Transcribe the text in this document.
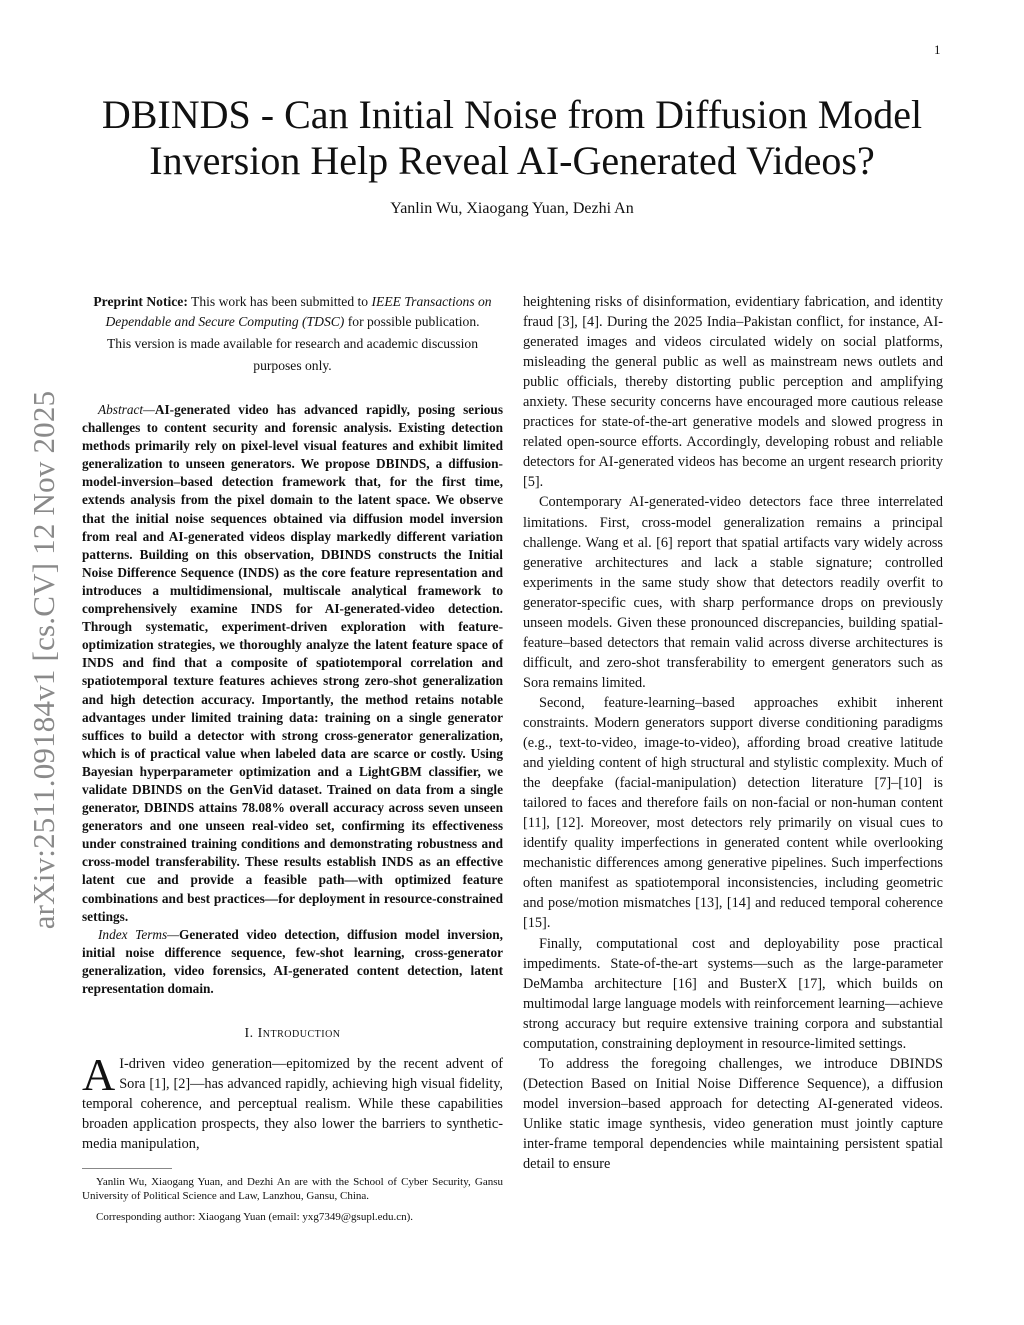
1
arXiv:2511.09184v1 [cs.CV] 12 Nov 2025
DBINDS - Can Initial Noise from Diffusion Model Inversion Help Reveal AI-Generated Videos?
Yanlin Wu, Xiaogang Yuan, Dezhi An
Preprint Notice: This work has been submitted to IEEE Transactions on Dependable and Secure Computing (TDSC) for possible publication.
This version is made available for research and academic discussion purposes only.

Abstract—AI-generated video has advanced rapidly, posing serious challenges to content security and forensic analysis. Existing detection methods primarily rely on pixel-level visual features and exhibit limited generalization to unseen generators. We propose DBINDS, a diffusion-model-inversion–based detection framework that, for the first time, extends analysis from the pixel domain to the latent space. We observe that the initial noise sequences obtained via diffusion model inversion from real and AI-generated videos display markedly different variation patterns. Building on this observation, DBINDS constructs the Initial Noise Difference Sequence (INDS) as the core feature representation and introduces a multidimensional, multiscale analytical framework to comprehensively examine INDS for AI-generated-video detection. Through systematic, experiment-driven exploration with feature-optimization strategies, we thoroughly analyze the latent feature space of INDS and find that a composite of spatiotemporal correlation and spatiotemporal texture features achieves strong zero-shot generalization and high detection accuracy. Importantly, the method retains notable advantages under limited training data: training on a single generator suffices to build a detector with strong cross-generator generalization, which is of practical value when labeled data are scarce or costly. Using Bayesian hyperparameter optimization and a LightGBM classifier, we validate DBINDS on the GenVid dataset. Trained on data from a single generator, DBINDS attains 78.08% overall accuracy across seven unseen generators and one unseen real-video set, confirming its effectiveness under constrained training conditions and demonstrating robustness and cross-model transferability. These results establish INDS as an effective latent cue and provide a feasible path—with optimized feature combinations and best practices—for deployment in resource-constrained settings.

Index Terms—Generated video detection, diffusion model inversion, initial noise difference sequence, few-shot learning, cross-generator generalization, video forensics, AI-generated content detection, latent representation domain.

I. Introduction

A I-driven video generation—epitomized by the recent advent of Sora [1], [2]—has advanced rapidly, achieving high visual fidelity, temporal coherence, and perceptual realism. While these capabilities broaden application prospects, they also lower the barriers to synthetic-media manipulation,

Yanlin Wu, Xiaogang Yuan, and Dezhi An are with the School of Cyber Security, Gansu University of Political Science and Law, Lanzhou, Gansu, China.

Corresponding author: Xiaogang Yuan (email: yxg7349@gsupl.edu.cn).

heightening risks of disinformation, evidentiary fabrication, and identity fraud [3], [4]. During the 2025 India–Pakistan conflict, for instance, AI-generated images and videos circulated widely on social platforms, misleading the general public as well as mainstream news outlets and public officials, thereby distorting public perception and amplifying anxiety. These security concerns have encouraged more cautious release practices for state-of-the-art generative models and slowed progress in related open-source efforts. Accordingly, developing robust and reliable detectors for AI-generated videos has become an urgent research priority [5].

Contemporary AI-generated-video detectors face three interrelated limitations. First, cross-model generalization remains a principal challenge. Wang et al. [6] report that spatial artifacts vary widely across generative architectures and lack a stable signature; controlled experiments in the same study show that detectors readily overfit to generator-specific cues, with sharp performance drops on previously unseen models. Given these pronounced discrepancies, building spatial-feature–based detectors that remain valid across diverse architectures is difficult, and zero-shot transferability to emergent generators such as Sora remains limited.

Second, feature-learning–based approaches exhibit inherent constraints. Modern generators support diverse conditioning paradigms (e.g., text-to-video, image-to-video), affording broad creative latitude and yielding content of high structural and stylistic complexity. Much of the deepfake (facial-manipulation) detection literature [7]–[10] is tailored to faces and therefore fails on non-facial or non-human content [11], [12]. Moreover, most detectors rely primarily on visual cues to identify quality imperfections in generated content while overlooking mechanistic differences among generative pipelines. Such imperfections often manifest as spatiotemporal inconsistencies, including geometric and pose/motion mismatches [13], [14] and reduced temporal coherence [15].

Finally, computational cost and deployability pose practical impediments. State-of-the-art systems—such as the large-parameter DeMamba architecture [16] and BusterX [17], which builds on multimodal large language models with reinforcement learning—achieve strong accuracy but require extensive training corpora and substantial computation, constraining deployment in resource-limited settings.

To address the foregoing challenges, we introduce DBINDS (Detection Based on Initial Noise Difference Sequence), a diffusion model inversion–based approach for detecting AI-generated videos. Unlike static image synthesis, video generation must jointly capture inter-frame temporal dependencies while maintaining persistent spatial detail to ensure
